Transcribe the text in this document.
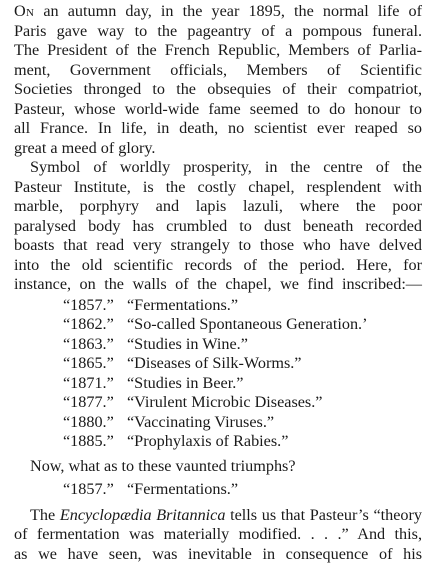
On an autumn day, in the year 1895, the normal life of
Paris gave way to the pageantry of a pompous funeral.
The President of the French Republic, Members of Parlia-
ment, Government officials, Members of Scientific
Societies thronged to the obsequies of their compatriot,
Pasteur, whose world-wide fame seemed to do honour to
all France. In life, in death, no scientist ever reaped so
great a meed of glory.

Symbol of worldly prosperity, in the centre of the
Pasteur Institute, is the costly chapel, resplendent with
marble, porphyry and lapis lazuli, where the poor
paralysed body has crumbled to dust beneath recorded
boasts that read very strangely to those who have delved
into the old scientific records of the period. Here, for
instance, on the walls of the chapel, we find inscribed:—

“1857.” “Fermentations.”
“1862.” “So-called Spontaneous Generation.’
“1863.” “Studies in Wine.”
“1865.” “Diseases of Silk-Worms.”
“1871.” “Studies in Beer.”
“1877.” “Virulent Microbic Diseases.”
“1880.” “Vaccinating Viruses.”
“1885.” “Prophylaxis of Rabies.”

Now, what as to these vaunted triumphs?

“1857.” “Fermentations.”

The Encyclopædia Britannica tells us that Pasteur’s “theory
of fermentation was materially modified. . . .” And this,
as we have seen, was inevitable in consequence of his
